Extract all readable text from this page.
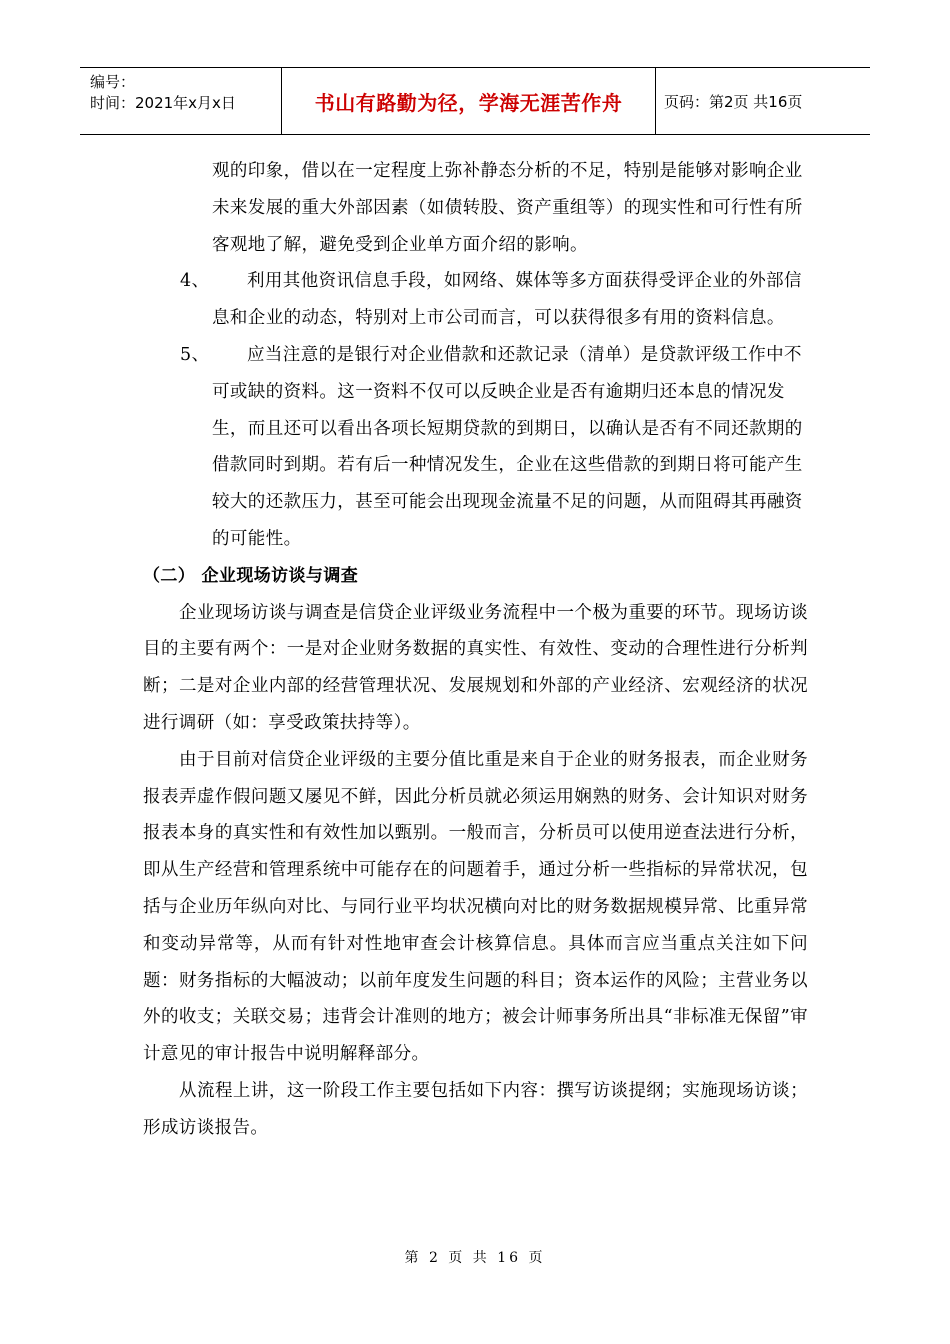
编号：
时间：2021年x月x日	书山有路勤为径，学海无涯苦作舟	页码：第2页 共16页

观的印象，借以在一定程度上弥补静态分析的不足，特别是能够对影响企业未来发展的重大外部因素（如债转股、资产重组等）的现实性和可行性有所客观地了解，避免受到企业单方面介绍的影响。

4、	利用其他资讯信息手段，如网络、媒体等多方面获得受评企业的外部信息和企业的动态，特别对上市公司而言，可以获得很多有用的资料信息。
5、	应当注意的是银行对企业借款和还款记录（清单）是贷款评级工作中不可或缺的资料。这一资料不仅可以反映企业是否有逾期归还本息的情况发生，而且还可以看出各项长短期贷款的到期日，以确认是否有不同还款期的借款同时到期。若有后一种情况发生，企业在这些借款的到期日将可能产生较大的还款压力，甚至可能会出现现金流量不足的问题，从而阻碍其再融资的可能性。

（二） 企业现场访谈与调查

企业现场访谈与调查是信贷企业评级业务流程中一个极为重要的环节。现场访谈目的主要有两个：一是对企业财务数据的真实性、有效性、变动的合理性进行分析判断；二是对企业内部的经营管理状况、发展规划和外部的产业经济、宏观经济的状况进行调研（如：享受政策扶持等）。

由于目前对信贷企业评级的主要分值比重是来自于企业的财务报表，而企业财务报表弄虚作假问题又屡见不鲜，因此分析员就必须运用娴熟的财务、会计知识对财务报表本身的真实性和有效性加以甄别。一般而言，分析员可以使用逆查法进行分析，即从生产经营和管理系统中可能存在的问题着手，通过分析一些指标的异常状况，包括与企业历年纵向对比、与同行业平均状况横向对比的财务数据规模异常、比重异常和变动异常等，从而有针对性地审查会计核算信息。具体而言应当重点关注如下问题：财务指标的大幅波动；以前年度发生问题的科目；资本运作的风险；主营业务以外的收支；关联交易；违背会计准则的地方；被会计师事务所出具“非标准无保留”审计意见的审计报告中说明解释部分。

从流程上讲，这一阶段工作主要包括如下内容：撰写访谈提纲；实施现场访谈；形成访谈报告。

第 2 页 共 16 页
